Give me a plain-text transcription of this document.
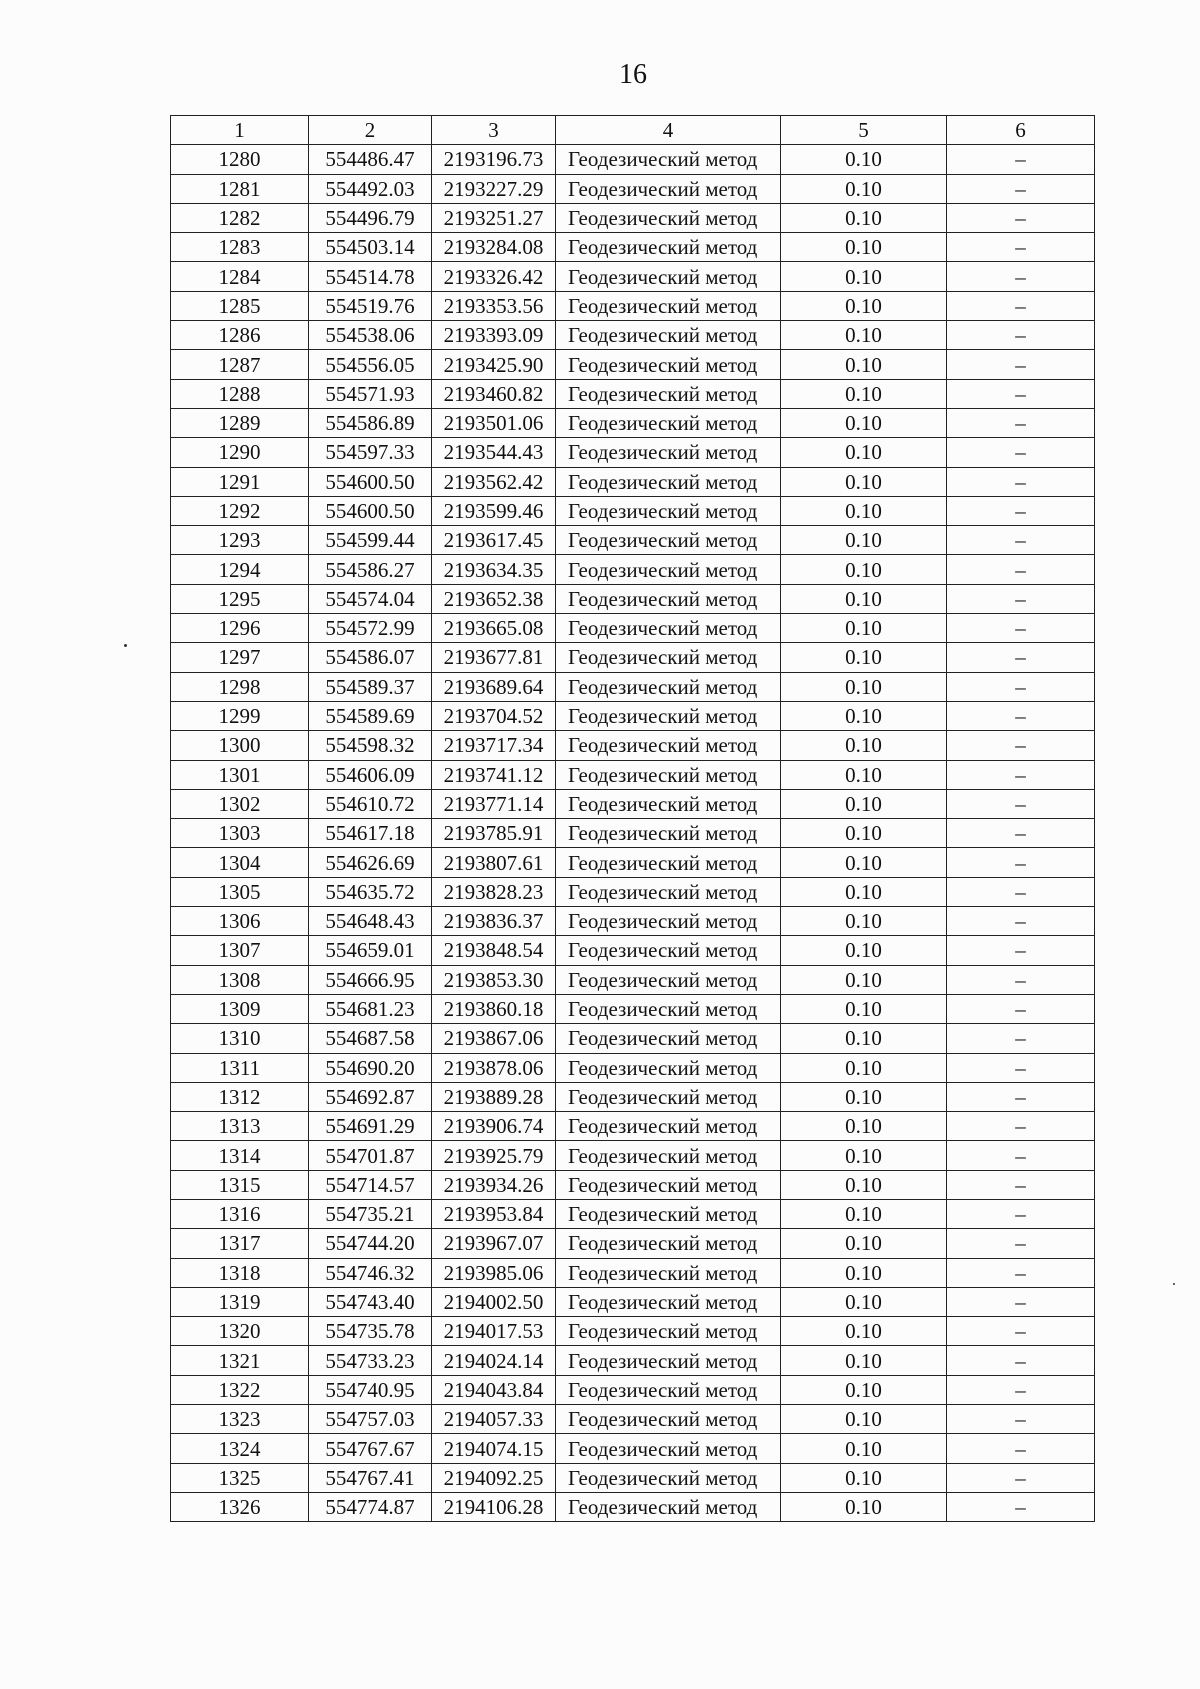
16
1	2	3	4	5	6
1280	554486.47	2193196.73	Геодезический метод	0.10	–
1281	554492.03	2193227.29	Геодезический метод	0.10	–
1282	554496.79	2193251.27	Геодезический метод	0.10	–
1283	554503.14	2193284.08	Геодезический метод	0.10	–
1284	554514.78	2193326.42	Геодезический метод	0.10	–
1285	554519.76	2193353.56	Геодезический метод	0.10	–
1286	554538.06	2193393.09	Геодезический метод	0.10	–
1287	554556.05	2193425.90	Геодезический метод	0.10	–
1288	554571.93	2193460.82	Геодезический метод	0.10	–
1289	554586.89	2193501.06	Геодезический метод	0.10	–
1290	554597.33	2193544.43	Геодезический метод	0.10	–
1291	554600.50	2193562.42	Геодезический метод	0.10	–
1292	554600.50	2193599.46	Геодезический метод	0.10	–
1293	554599.44	2193617.45	Геодезический метод	0.10	–
1294	554586.27	2193634.35	Геодезический метод	0.10	–
1295	554574.04	2193652.38	Геодезический метод	0.10	–
1296	554572.99	2193665.08	Геодезический метод	0.10	–
1297	554586.07	2193677.81	Геодезический метод	0.10	–
1298	554589.37	2193689.64	Геодезический метод	0.10	–
1299	554589.69	2193704.52	Геодезический метод	0.10	–
1300	554598.32	2193717.34	Геодезический метод	0.10	–
1301	554606.09	2193741.12	Геодезический метод	0.10	–
1302	554610.72	2193771.14	Геодезический метод	0.10	–
1303	554617.18	2193785.91	Геодезический метод	0.10	–
1304	554626.69	2193807.61	Геодезический метод	0.10	–
1305	554635.72	2193828.23	Геодезический метод	0.10	–
1306	554648.43	2193836.37	Геодезический метод	0.10	–
1307	554659.01	2193848.54	Геодезический метод	0.10	–
1308	554666.95	2193853.30	Геодезический метод	0.10	–
1309	554681.23	2193860.18	Геодезический метод	0.10	–
1310	554687.58	2193867.06	Геодезический метод	0.10	–
1311	554690.20	2193878.06	Геодезический метод	0.10	–
1312	554692.87	2193889.28	Геодезический метод	0.10	–
1313	554691.29	2193906.74	Геодезический метод	0.10	–
1314	554701.87	2193925.79	Геодезический метод	0.10	–
1315	554714.57	2193934.26	Геодезический метод	0.10	–
1316	554735.21	2193953.84	Геодезический метод	0.10	–
1317	554744.20	2193967.07	Геодезический метод	0.10	–
1318	554746.32	2193985.06	Геодезический метод	0.10	–
1319	554743.40	2194002.50	Геодезический метод	0.10	–
1320	554735.78	2194017.53	Геодезический метод	0.10	–
1321	554733.23	2194024.14	Геодезический метод	0.10	–
1322	554740.95	2194043.84	Геодезический метод	0.10	–
1323	554757.03	2194057.33	Геодезический метод	0.10	–
1324	554767.67	2194074.15	Геодезический метод	0.10	–
1325	554767.41	2194092.25	Геодезический метод	0.10	–
1326	554774.87	2194106.28	Геодезический метод	0.10	–
